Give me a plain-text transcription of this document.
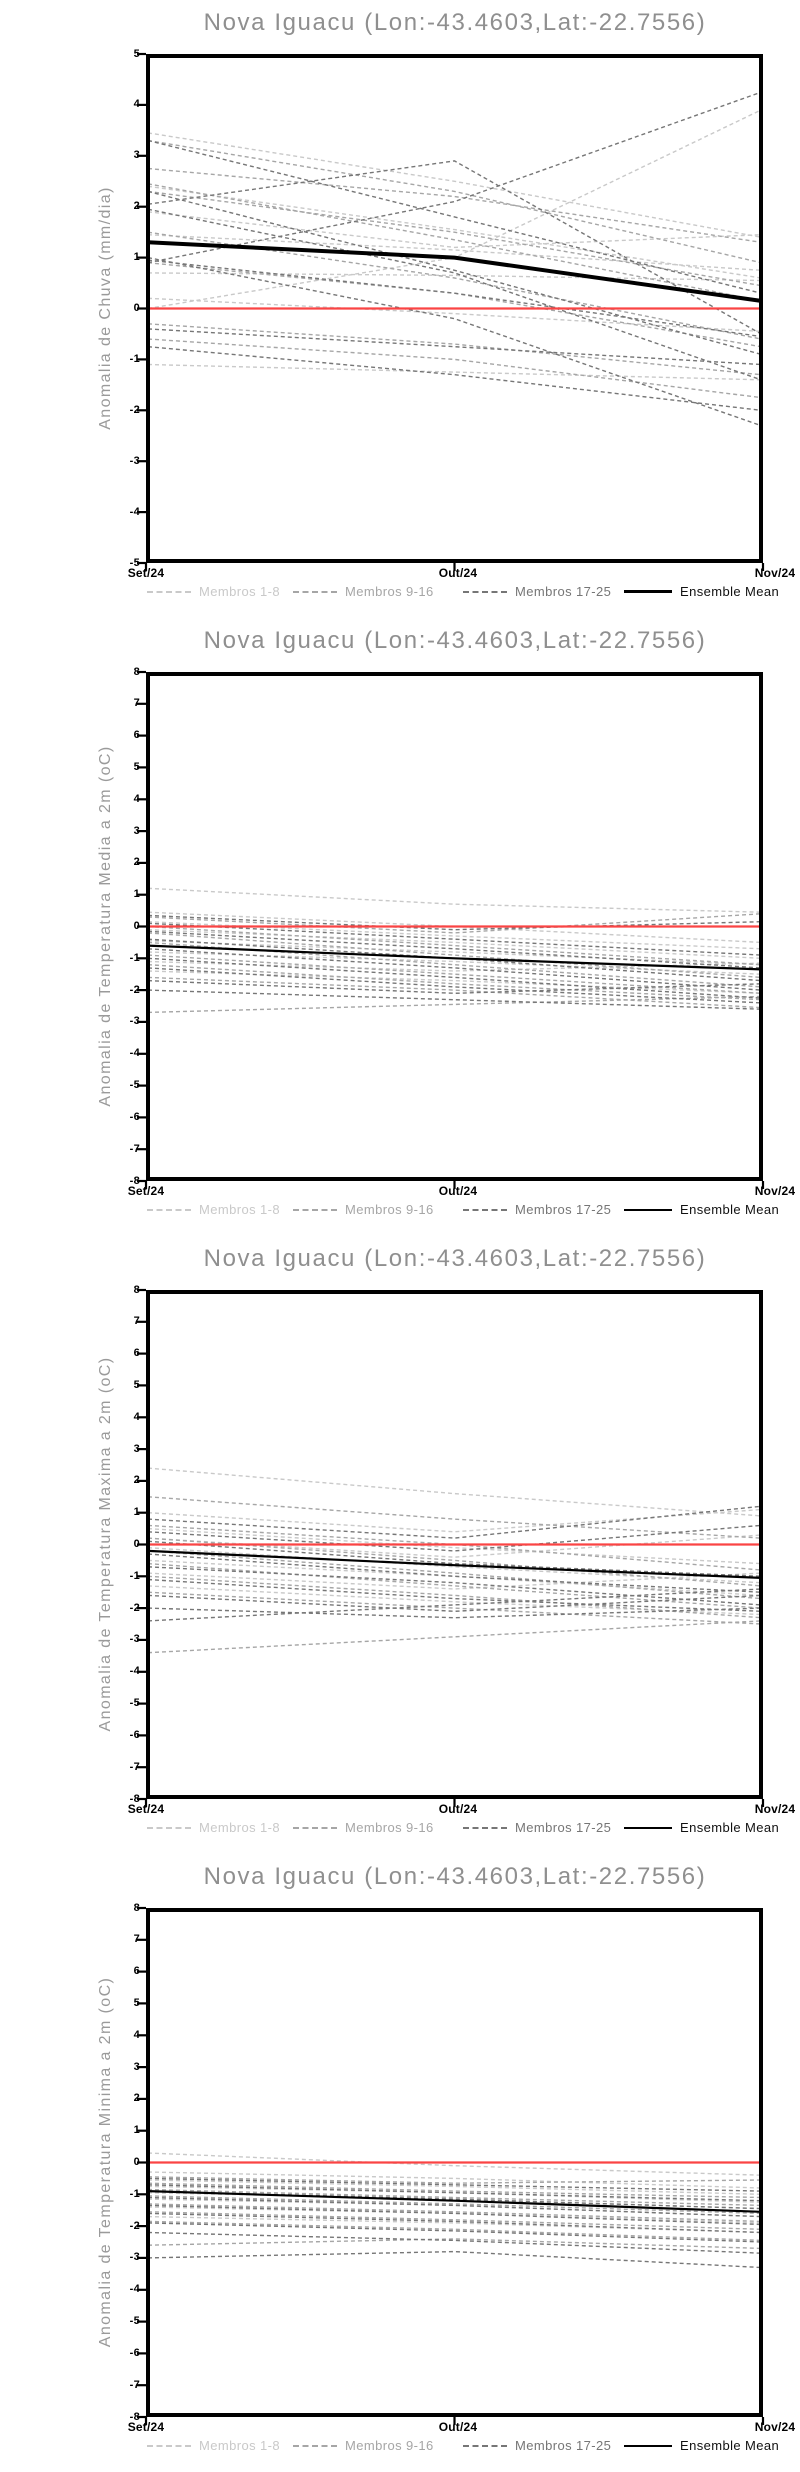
Nova Iguacu (Lon:-43.4603,Lat:-22.7556)
Anomalia de Chuva (mm/dia)
5
4
3
2
1
0
-1
-2
-3
-4
-5
Set/24	Out/24	Nov/24
Membros 1-8	Membros 9-16	Membros 17-25	Ensemble Mean
Nova Iguacu (Lon:-43.4603,Lat:-22.7556)
Anomalia de Temperatura Media a 2m (oC)
8
7
6
5
4
3
2
1
0
-1
-2
-3
-4
-5
-6
-7
-8
Set/24	Out/24	Nov/24
Membros 1-8	Membros 9-16	Membros 17-25	Ensemble Mean
Nova Iguacu (Lon:-43.4603,Lat:-22.7556)
Anomalia de Temperatura Maxima a 2m (oC)
8
7
6
5
4
3
2
1
0
-1
-2
-3
-4
-5
-6
-7
-8
Set/24	Out/24	Nov/24
Membros 1-8	Membros 9-16	Membros 17-25	Ensemble Mean
Nova Iguacu (Lon:-43.4603,Lat:-22.7556)
Anomalia de Temperatura Minima a 2m (oC)
8
7
6
5
4
3
2
1
0
-1
-2
-3
-4
-5
-6
-7
-8
Set/24	Out/24	Nov/24
Membros 1-8	Membros 9-16	Membros 17-25	Ensemble Mean
